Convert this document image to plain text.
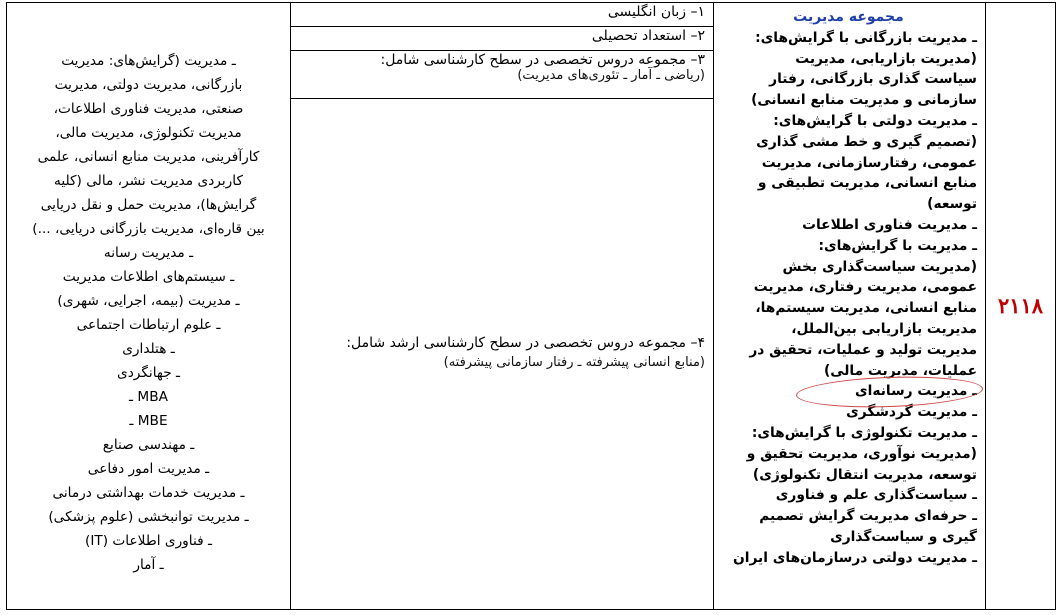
۲۱۱۸
مجموعه مدیریت
ـ مدیریت بازرگانی با گرایش‌های:
(مدیریت بازاریابی، مدیریت
سیاست گذاری بازرگانی، رفتار
سازمانی و مدیریت منابع انسانی)
ـ مدیریت دولتی با گرایش‌های:
(تصمیم گیری و خط مشی گذاری
عمومی، رفتارسازمانی، مدیریت
منابع انسانی، مدیریت تطبیقی و
توسعه)
ـ مدیریت فناوری اطلاعات
ـ مدیریت با گرایش‌های:
(مدیریت سیاست‌گذاری بخش
عمومی، مدیریت رفتاری، مدیریت
منابع انسانی، مدیریت سیستم‌ها،
مدیریت بازاریابی بین‌الملل،
مدیریت تولید و عملیات، تحقیق در
عملیات، مدیریت مالی)
ـ مدیریت رسانه‌ای
ـ مدیریت گردشگری
ـ مدیریت تکنولوژی با گرایش‌های:
(مدیریت نوآوری، مدیریت تحقیق و
توسعه، مدیریت انتقال تکنولوژی)
ـ سیاست‌گذاری علم و فناوری
ـ حرفه‌ای مدیریت گرایش تصمیم
گیری و سیاست‌گذاری
ـ مدیریت دولتی درسازمان‌های ایران
۱– زبان انگلیسی
۲– استعداد تحصیلی
۳– مجموعه دروس تخصصی در سطح کارشناسی شامل:
(ریاضی ـ آمار ـ تئوری‌های مدیریت)
۴– مجموعه دروس تخصصی در سطح کارشناسی ارشد شامل:
(منابع انسانی پیشرفته ـ رفتار سازمانی پیشرفته)
ـ مدیریت (گرایش‌های: مدیریت
بازرگانی، مدیریت دولتی، مدیریت
صنعتی، مدیریت فناوری اطلاعات،
مدیریت تکنولوژی، مدیریت مالی،
کارآفرینی، مدیریت منابع انسانی، علمی
کاربردی مدیریت نشر، مالی (کلیه
گرایش‌ها)، مدیریت حمل و نقل دریایی
بین قاره‌ای، مدیریت بازرگانی دریایی، ...)
ـ مدیریت رسانه
ـ سیستم‌های اطلاعات مدیریت
ـ مدیریت (بیمه، اجرایی، شهری)
ـ علوم ارتباطات اجتماعی
ـ هتلداری
ـ جهانگردی
MBA ـ
MBE ـ
ـ مهندسی صنایع
ـ مدیریت امور دفاعی
ـ مدیریت خدمات بهداشتی درمانی
ـ مدیریت توانبخشی (علوم پزشکی)
ـ فناوری اطلاعات (IT)
ـ آمار
